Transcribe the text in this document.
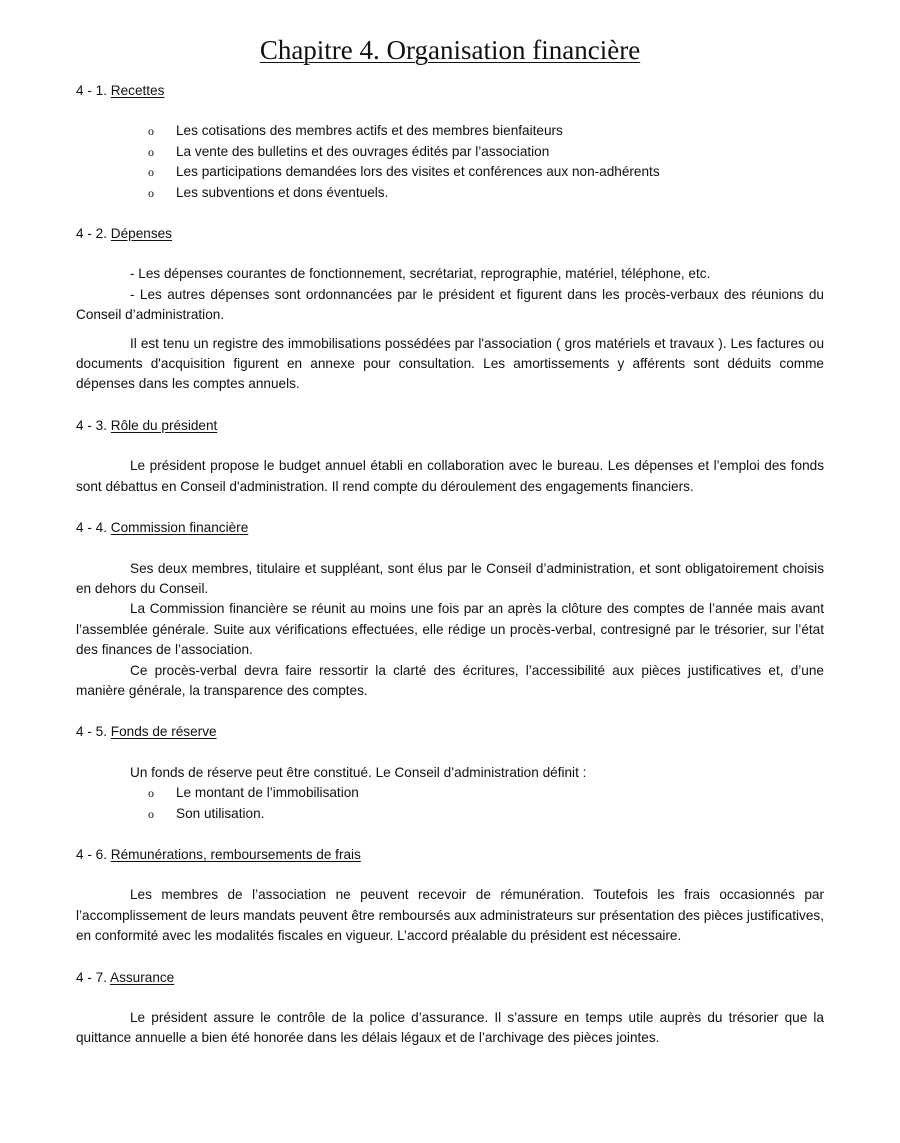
Chapitre 4. Organisation financière

4 - 1. Recettes

o Les cotisations des membres actifs et des membres bienfaiteurs
o La vente des bulletins et des ouvrages édités par l’association
o Les participations demandées lors des visites et conférences aux non-adhérents
o Les subventions et dons éventuels.

4 - 2. Dépenses

- Les dépenses courantes de fonctionnement, secrétariat, reprographie, matériel, téléphone, etc.

- Les autres dépenses sont ordonnancées par le président et figurent dans les procès-verbaux des réunions du Conseil d’administration.

Il est tenu un registre des immobilisations possédées par l'association ( gros matériels et travaux ). Les factures ou documents d'acquisition figurent en annexe pour consultation. Les amortissements y afférents sont déduits comme dépenses dans les comptes annuels.

4 - 3. Rôle du président

Le président propose le budget annuel établi en collaboration avec le bureau. Les dépenses et l’emploi des fonds sont débattus en Conseil d'administration. Il rend compte du déroulement des engagements financiers.

4 - 4. Commission financière

Ses deux membres, titulaire et suppléant, sont élus par le Conseil d’administration, et sont obligatoirement choisis en dehors du Conseil.

La Commission financière se réunit au moins une fois par an après la clôture des comptes de l’année mais avant l’assemblée générale. Suite aux vérifications effectuées, elle rédige un procès-verbal, contresigné par le trésorier, sur l’état des finances de l’association.

Ce procès-verbal devra faire ressortir la clarté des écritures, l’accessibilité aux pièces justificatives et, d’une manière générale, la transparence des comptes.

4 - 5. Fonds de réserve

Un fonds de réserve peut être constitué. Le Conseil d’administration définit :

o Le montant de l’immobilisation
o Son utilisation.

4 - 6. Rémunérations, remboursements de frais

Les membres de l’association ne peuvent recevoir de rémunération. Toutefois les frais occasionnés par l’accomplissement de leurs mandats peuvent être remboursés aux administrateurs sur présentation des pièces justificatives, en conformité avec les modalités fiscales en vigueur. L’accord préalable du président est nécessaire.

4 - 7. Assurance

Le président assure le contrôle de la police d’assurance. Il s’assure en temps utile auprès du trésorier que la quittance annuelle a bien été honorée dans les délais légaux et de l’archivage des pièces jointes.
